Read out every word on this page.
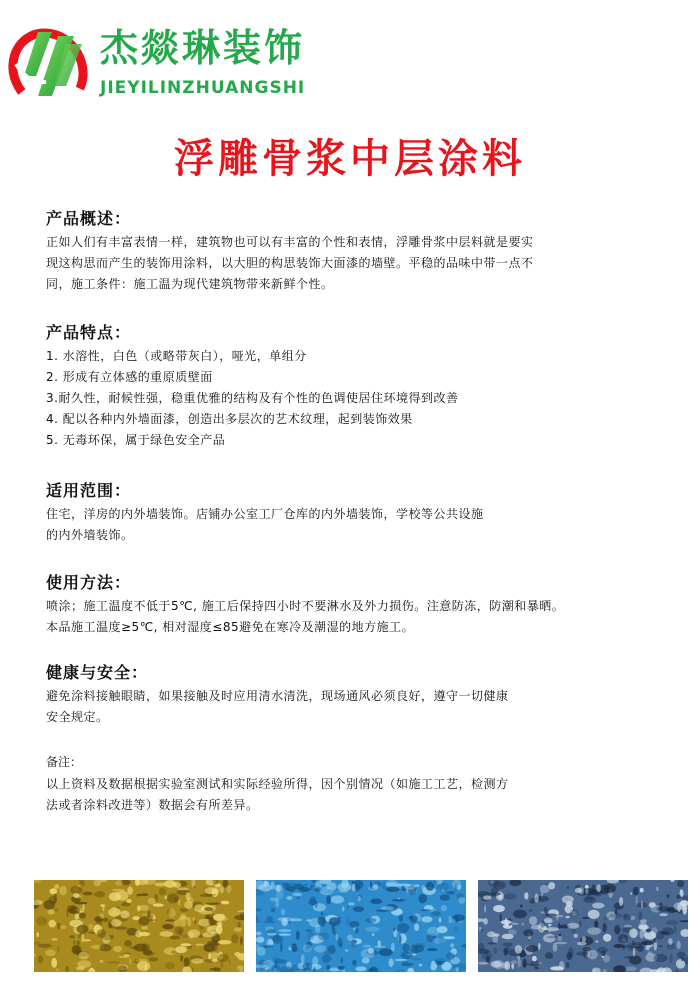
杰燚琳装饰
JIEYILINZHUANGSHI
浮雕骨浆中层涂料
产品概述：
正如人们有丰富表情一样，建筑物也可以有丰富的个性和表情，浮雕骨浆中层料就是要实
现这构思而产生的装饰用涂料，以大胆的构思装饰大面漆的墙壁。平稳的品味中带一点不
同，施工条件：施工温为现代建筑物带来新鲜个性。
产品特点：
1. 水溶性，白色（或略带灰白），哑光，单组分
2. 形成有立体感的重原质壁面
3.耐久性，耐候性强，稳重优雅的结构及有个性的色调使居住环境得到改善
4. 配以各种内外墙面漆，创造出多层次的艺术纹理，起到装饰效果
5. 无毒环保，属于绿色安全产品
适用范围：
住宅，洋房的内外墙装饰。店铺办公室工厂仓库的内外墙装饰，学校等公共设施
的内外墙装饰。
使用方法：
喷涂；施工温度不低于5℃, 施工后保持四小时不要淋水及外力损伤。注意防冻，防潮和暴晒。
本品施工温度≥5℃, 相对湿度≤85避免在寒冷及潮湿的地方施工。
健康与安全：
避免涂料接触眼睛，如果接触及时应用清水清洗，现场通风必须良好，遵守一切健康
安全规定。
备注：
以上资料及数据根据实验室测试和实际经验所得，因个别情况（如施工工艺，检测方
法或者涂料改进等）数据会有所差异。
